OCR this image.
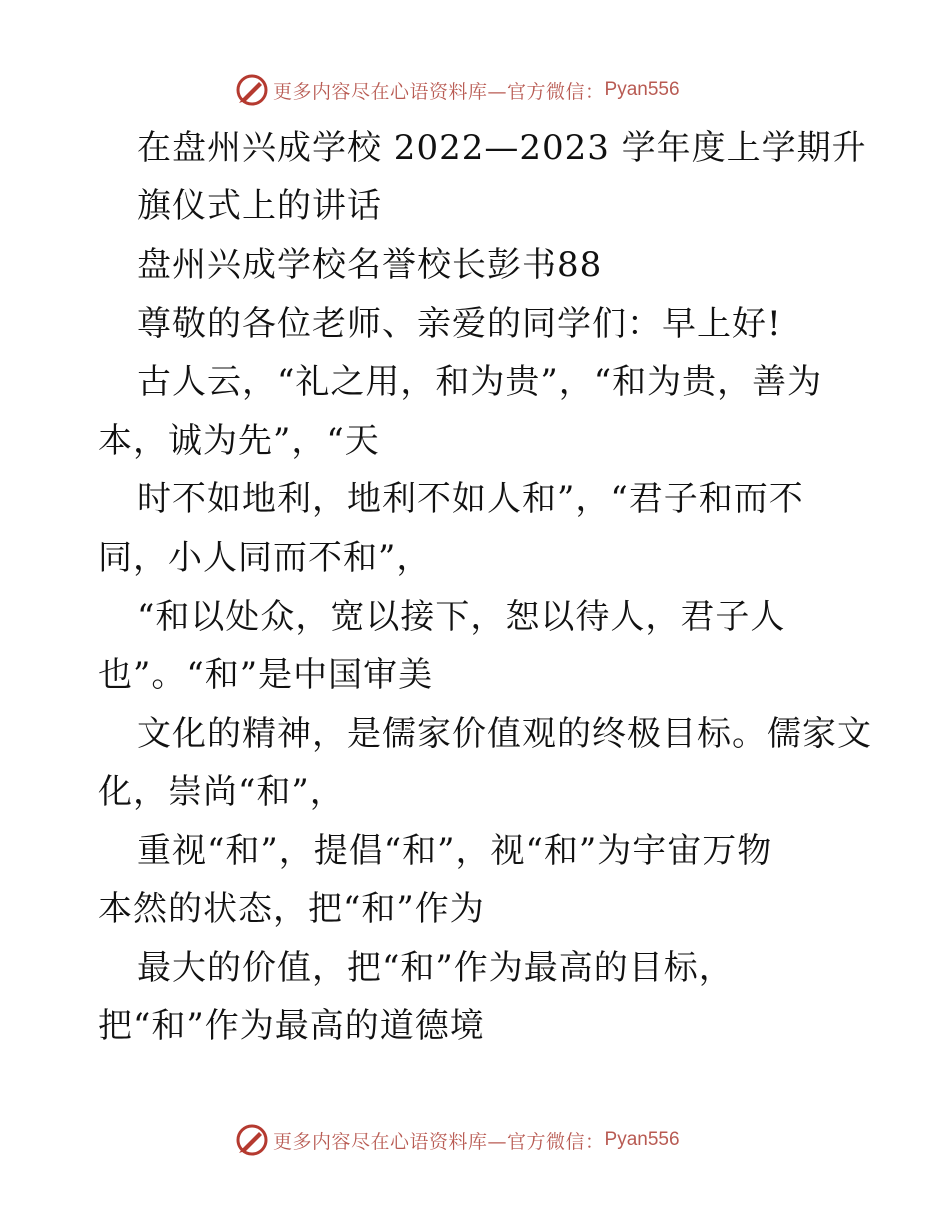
更多内容尽在心语资料库—官方微信： Pyan556
在盘州兴成学校 2022—2023 学年度上学期升
旗仪式上的讲话
盘州兴成学校名誉校长彭书88
尊敬的各位老师、亲爱的同学们：早上好!
古人云，“礼之用，和为贵”，“和为贵，善为
本，诚为先”，“天
时不如地利，地利不如人和”，“君子和而不
同，小人同而不和”，
“和以处众，宽以接下，恕以待人，君子人
也”。“和”是中国审美
文化的精神，是儒家价值观的终极目标。儒家文
化，崇尚“和”，
重视“和”，提倡“和”，视“和”为宇宙万物
本然的状态，把“和”作为
最大的价值，把“和”作为最高的目标，
把“和”作为最高的道德境
更多内容尽在心语资料库—官方微信： Pyan556
